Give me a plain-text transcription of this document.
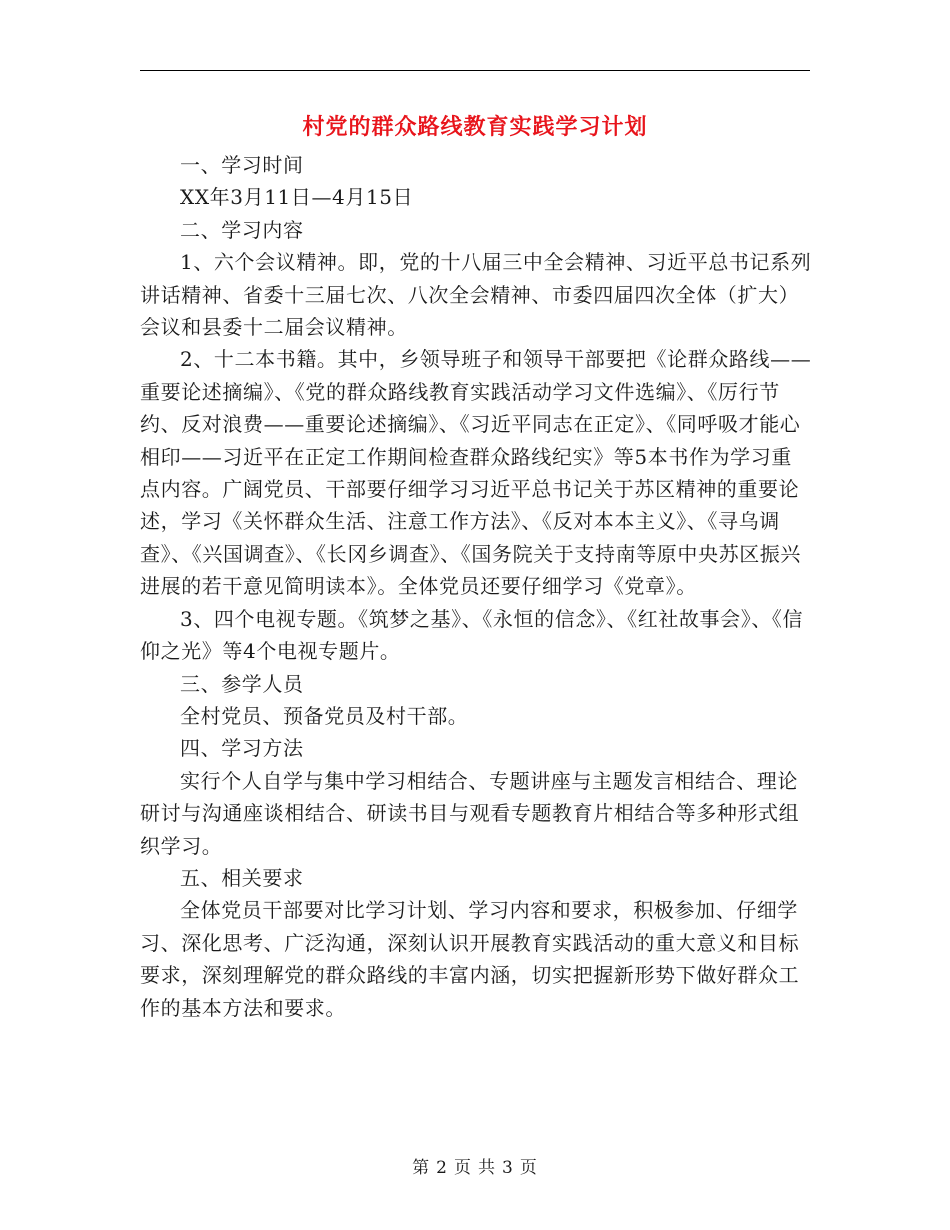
村党的群众路线教育实践学习计划

一、学习时间

XX年3月11日—4月15日

二、学习内容

1、六个会议精神。即，党的十八届三中全会精神、习近平总书记系列讲话精神、省委十三届七次、八次全会精神、市委四届四次全体（扩大）会议和县委十二届会议精神。

2、十二本书籍。其中，乡领导班子和领导干部要把《论群众路线——重要论述摘编》、《党的群众路线教育实践活动学习文件选编》、《厉行节约、反对浪费——重要论述摘编》、《习近平同志在正定》、《同呼吸才能心相印——习近平在正定工作期间检查群众路线纪实》等5本书作为学习重点内容。广阔党员、干部要仔细学习习近平总书记关于苏区精神的重要论述，学习《关怀群众生活、注意工作方法》、《反对本本主义》、《寻乌调查》、《兴国调查》、《长冈乡调查》、《国务院关于支持南等原中央苏区振兴进展的若干意见简明读本》。全体党员还要仔细学习《党章》。

3、四个电视专题。《筑梦之基》、《永恒的信念》、《红社故事会》、《信仰之光》等4个电视专题片。

三、参学人员

全村党员、预备党员及村干部。

四、学习方法

实行个人自学与集中学习相结合、专题讲座与主题发言相结合、理论研讨与沟通座谈相结合、研读书目与观看专题教育片相结合等多种形式组织学习。

五、相关要求

全体党员干部要对比学习计划、学习内容和要求，积极参加、仔细学习、深化思考、广泛沟通，深刻认识开展教育实践活动的重大意义和目标要求，深刻理解党的群众路线的丰富内涵，切实把握新形势下做好群众工作的基本方法和要求。

第 2 页 共 3 页
